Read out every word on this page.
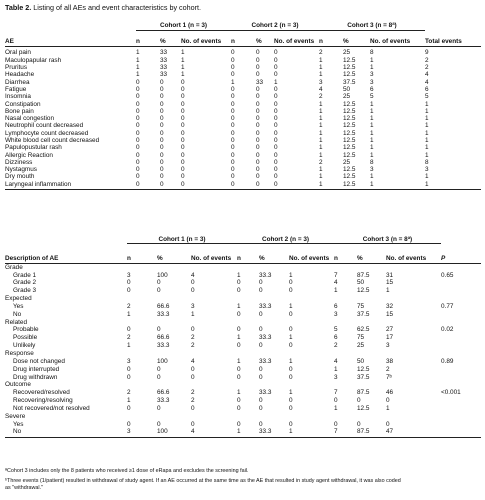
Table 2. Listing of all AEs and event characteristics by cohort.
	Cohort 1 (n = 3)			Cohort 2 (n = 3)			Cohort 3 (n = 8ª)			
AE	n	%	No. of events	n	%	No. of events	n	%	No. of events	Total events
Oral pain	1	33	1	0	0	0	2	25	8	9
Maculopapular rash	1	33	1	0	0	0	1	12.5	1	2
Pruritus	1	33	1	0	0	0	1	12.5	1	2
Headache	1	33	1	0	0	0	1	12.5	3	4
Diarrhea	0	0	0	1	33	1	3	37.5	3	4
Fatigue	0	0	0	0	0	0	4	50	6	6
Insomnia	0	0	0	0	0	0	2	25	5	5
Constipation	0	0	0	0	0	0	1	12.5	1	1
Bone pain	0	0	0	0	0	0	1	12.5	1	1
Nasal congestion	0	0	0	0	0	0	1	12.5	1	1
Neutrophil count decreased	0	0	0	0	0	0	1	12.5	1	1
Lymphocyte count decreased	0	0	0	0	0	0	1	12.5	1	1
White blood cell count decreased	0	0	0	0	0	0	1	12.5	1	1
Papulopustular rash	0	0	0	0	0	0	1	12.5	1	1
Allergic Reaction	0	0	0	0	0	0	1	12.5	1	1
Dizziness	0	0	0	0	0	0	2	25	8	8
Nystagmus	0	0	0	0	0	0	1	12.5	3	3
Dry mouth	0	0	0	0	0	0	1	12.5	1	1
Laryngeal inflammation	0	0	0	0	0	0	1	12.5	1	1
	Cohort 1 (n = 3)			Cohort 2 (n = 3)			Cohort 3 (n = 8ª)			
Description of AE	n	%	No. of events	n	%	No. of events	n	%	No. of events	P
Grade										
Grade 1	3	100	4	1	33.3	1	7	87.5	31	0.65
Grade 2	0	0	0	0	0	0	4	50	15	
Grade 3	0	0	0	0	0	0	1	12.5	1	
Expected										
Yes	2	66.6	3	1	33.3	1	6	75	32	0.77
No	1	33.3	1	0	0	0	3	37.5	15	
Related										
Probable	0	0	0	0	0	0	5	62.5	27	0.02
Possible	2	66.6	2	1	33.3	1	6	75	17	
Unlikely	1	33.3	2	0	0	0	2	25	3	
Response										
Dose not changed	3	100	4	1	33.3	1	4	50	38	0.89
Drug interrupted	0	0	0	0	0	0	1	12.5	2	
Drug withdrawn	0	0	0	0	0	0	3	37.5	7ᵇ	
Outcome										
Recovered/resolved	2	66.6	2	1	33.3	1	7	87.5	46	<0.001
Recovering/resolving	1	33.3	2	0	0	0	0	0	0	
Not recovered/not resolved	0	0	0	0	0	0	1	12.5	1	
Severe										
Yes	0	0	0	0	0	0	0	0	0	
No	3	100	4	1	33.3	1	7	87.5	47	
ªCohort 3 includes only the 8 patients who received ≥1 dose of eRapa and excludes the screening fail.
ᵇThree events (1/patient) resulted in withdrawal of study agent. If an AE occurred at the same time as the AE that resulted in study agent withdrawal, it was also coded
as "withdrawal."
